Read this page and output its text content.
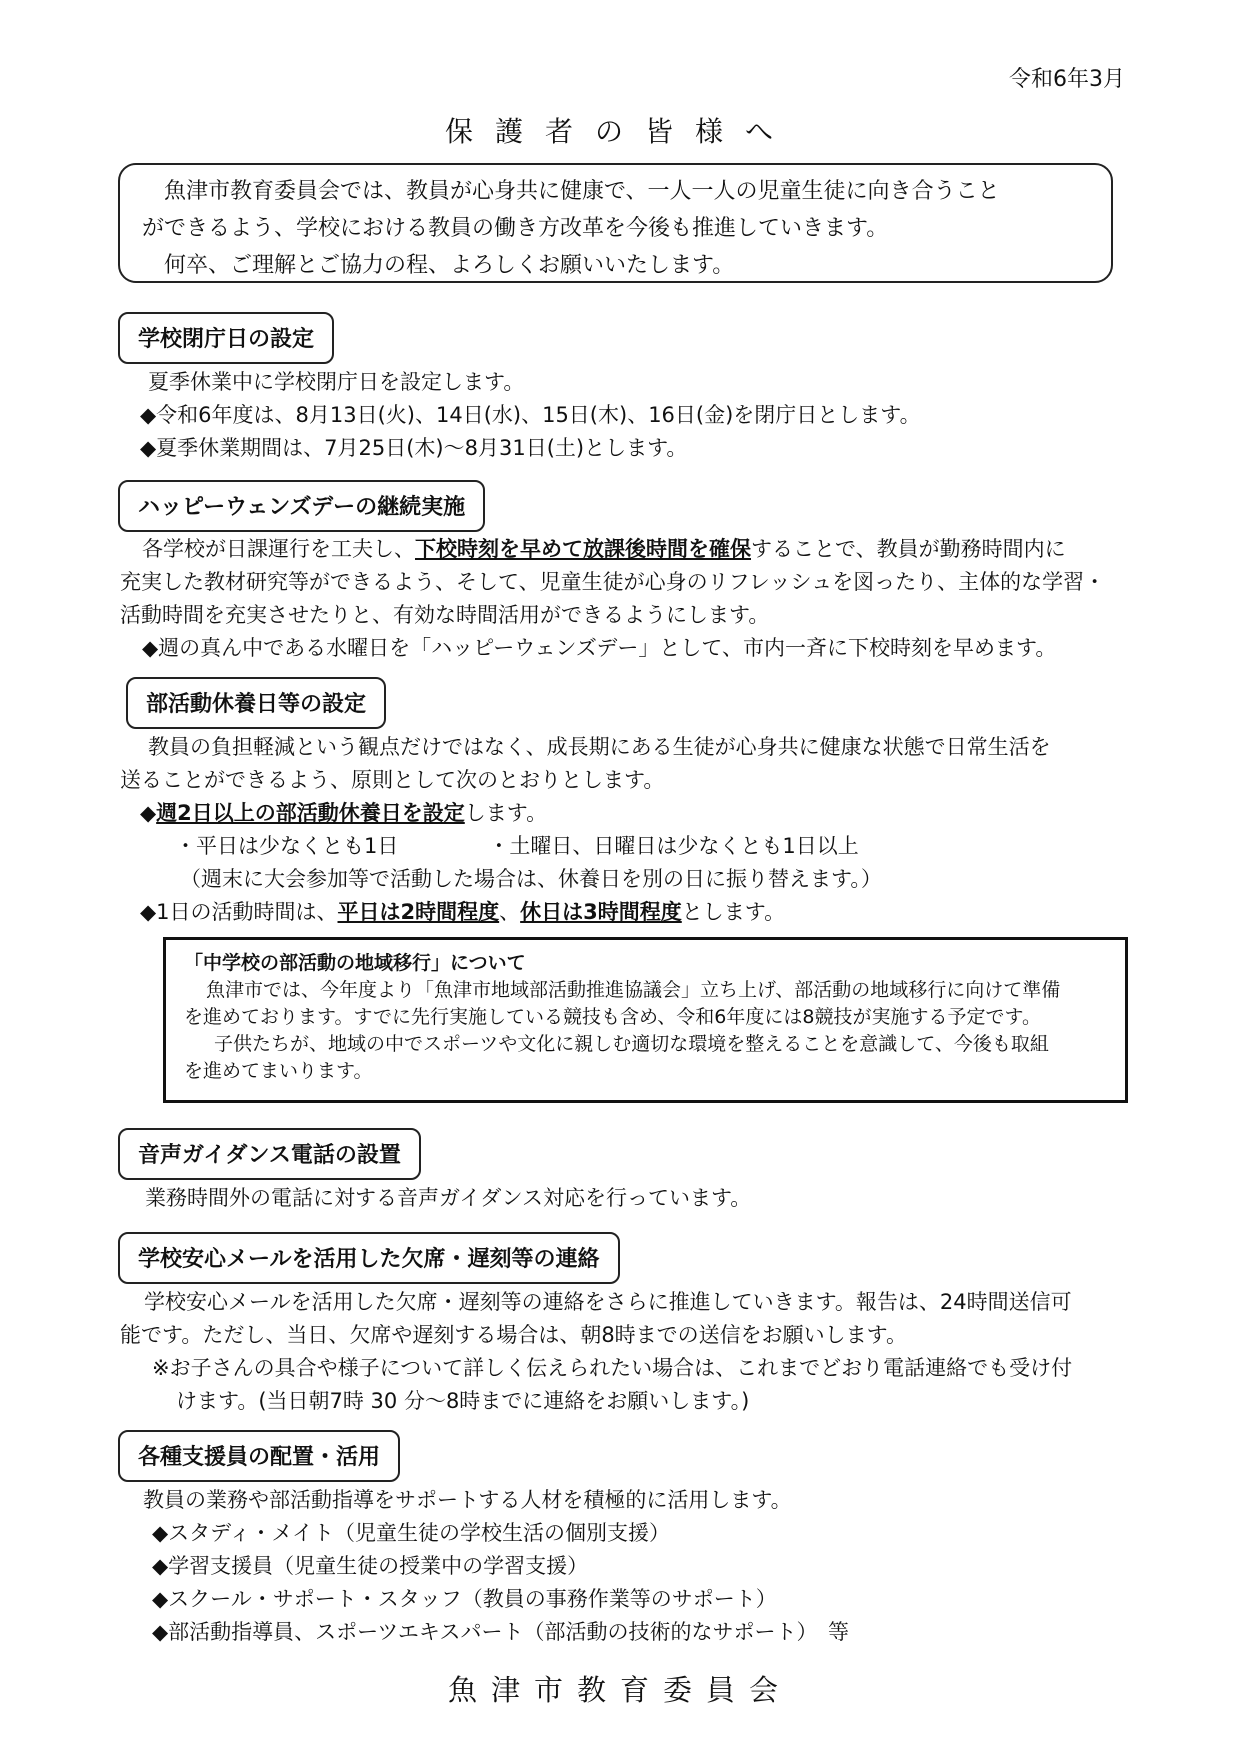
令和6年3月
保護者の皆様へ

魚津市教育委員会では、教員が心身共に健康で、一人一人の児童生徒に向き合うこと

ができるよう、学校における教員の働き方改革を今後も推進していきます。

何卒、ご理解とご協力の程、よろしくお願いいたします。

学校閉庁日の設定

夏季休業中に学校閉庁日を設定します。

◆令和6年度は、8月13日(火)、14日(水)、15日(木)、16日(金)を閉庁日とします。

◆夏季休業期間は、7月25日(木)～8月31日(土)とします。

ハッピーウェンズデーの継続実施

各学校が日課運行を工夫し、下校時刻を早めて放課後時間を確保することで、教員が勤務時間内に

充実した教材研究等ができるよう、そして、児童生徒が心身のリフレッシュを図ったり、主体的な学習・

活動時間を充実させたりと、有効な時間活用ができるようにします。

◆週の真ん中である水曜日を「ハッピーウェンズデー」として、市内一斉に下校時刻を早めます。

部活動休養日等の設定

教員の負担軽減という観点だけではなく、成長期にある生徒が心身共に健康な状態で日常生活を

送ることができるよう、原則として次のとおりとします。

◆週2日以上の部活動休養日を設定します。

・平日は少なくとも1日	・土曜日、日曜日は少なくとも1日以上

（週末に大会参加等で活動した場合は、休養日を別の日に振り替えます。）

◆1日の活動時間は、平日は2時間程度、休日は3時間程度とします。

「中学校の部活動の地域移行」について

魚津市では、今年度より「魚津市地域部活動推進協議会」立ち上げ、部活動の地域移行に向けて準備

を進めております。すでに先行実施している競技も含め、令和6年度には8競技が実施する予定です。

子供たちが、地域の中でスポーツや文化に親しむ適切な環境を整えることを意識して、今後も取組

を進めてまいります。

音声ガイダンス電話の設置

業務時間外の電話に対する音声ガイダンス対応を行っています。

学校安心メールを活用した欠席・遅刻等の連絡

学校安心メールを活用した欠席・遅刻等の連絡をさらに推進していきます。報告は、24時間送信可

能です。ただし、当日、欠席や遅刻する場合は、朝8時までの送信をお願いします。

※お子さんの具合や様子について詳しく伝えられたい場合は、これまでどおり電話連絡でも受け付

けます。(当日朝7時 30 分～8時までに連絡をお願いします。)

各種支援員の配置・活用

教員の業務や部活動指導をサポートする人材を積極的に活用します。

◆スタディ・メイト（児童生徒の学校生活の個別支援）

◆学習支援員（児童生徒の授業中の学習支援）

◆スクール・サポート・スタッフ（教員の事務作業等のサポート）

◆部活動指導員、スポーツエキスパート（部活動の技術的なサポート）　等

魚津市教育委員会
